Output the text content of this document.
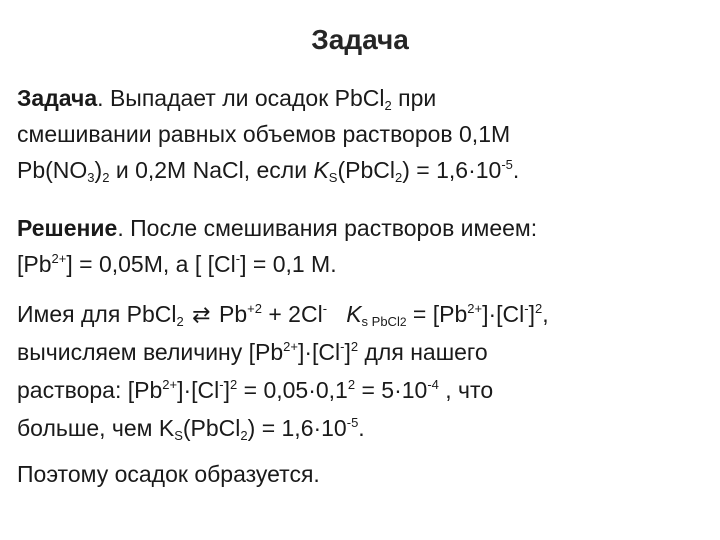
Задача
Задача. Выпадает ли осадок PbCl$_2$ при
смешивании равных объемов растворов 0,1М
$Pb(NO_3)_2$ и 0,2М NaCl, если $K_S(PbCl_2) = 1,6\cdot 10^{-5}$.
Решение. После смешивания растворов имеем:
$[Pb^{2+}] = 0,05М$, а [ [Cl-] = 0,1 М.
Имея для PbCl$_2$ ⇄ $Pb^{+2} + 2Cl^-$ $K_{s PbCl2} = [Pb^{2+}]\cdot[Cl^-]^2$,
вычисляем величину $[Pb^{2+}]\cdot[Cl^-]^2$ для нашего
раствора: $[Pb^{2+}]\cdot[Cl^-]^2 = 0,05\cdot 0,1^2 = 5\cdot 10^{-4}$ , что
больше, чем $K_S(PbCl_2) = 1,6\cdot 10^{-5}$.
Поэтому осадок образуется.
